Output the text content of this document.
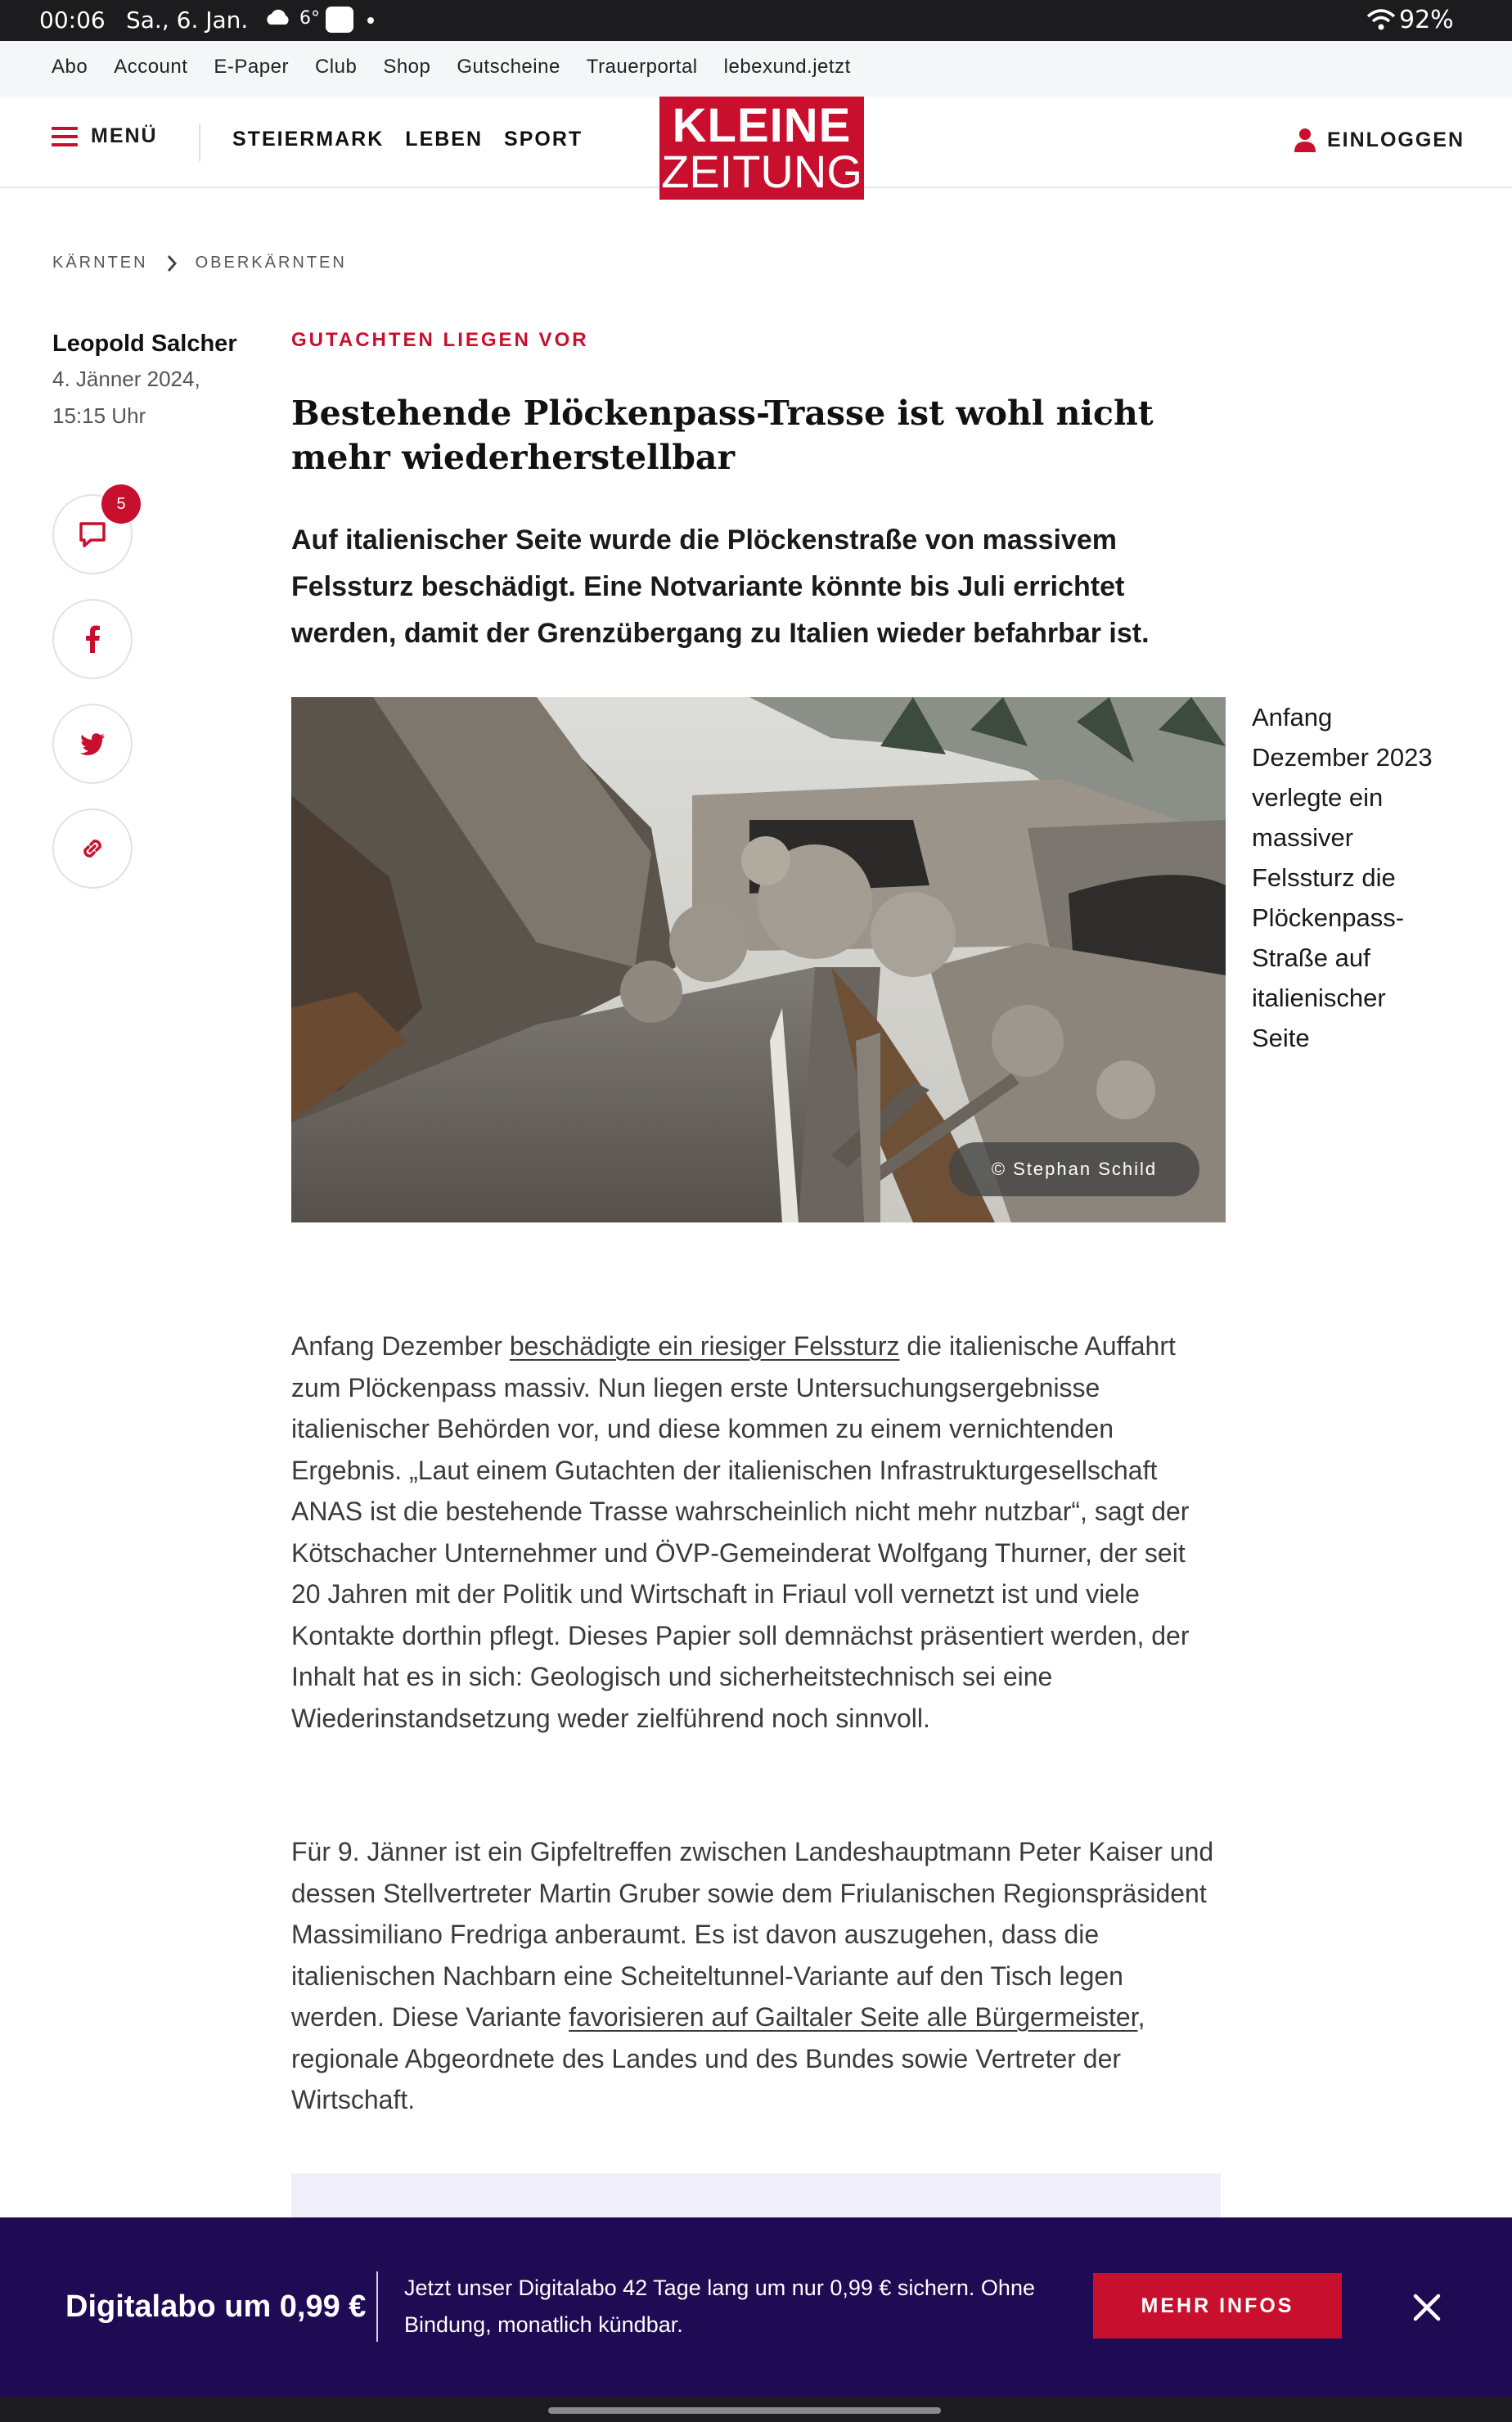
00:06 Sa., 6. Jan.	6°	92%
Abo Account E-Paper Club Shop Gutscheine Trauerportal lebexund.jetzt
MENÜ	STEIERMARK LEBEN SPORT KLEINE
ZEITUNG
EINLOGGEN
KÄRNTEN	OBERKÄRNTEN
Leopold Salcher
4. Jänner 2024, 15:15 Uhr
5
GUTACHTEN LIEGEN VOR
Bestehende Plöckenpass-Trasse ist wohl nicht mehr wiederherstellbar

Auf italienischer Seite wurde die Plöckenstraße von massivem Felssturz beschädigt. Eine Notvariante könnte bis Juli errichtet werden, damit der Grenzübergang zu Italien wieder befahrbar ist.

© Stephan Schild
Anfang Dezember 2023 verlegte ein massiver Felssturz die Plöckenpass-Straße auf italienischer Seite

Anfang Dezember beschädigte ein riesiger Felssturz die italienische Auffahrt zum Plöckenpass massiv. Nun liegen erste Untersuchungsergebnisse italienischer Behörden vor, und diese kommen zu einem vernichtenden Ergebnis. „Laut einem Gutachten der italienischen Infrastrukturgesellschaft ANAS ist die bestehende Trasse wahrscheinlich nicht mehr nutzbar“, sagt der Kötschacher Unternehmer und ÖVP-Gemeinderat Wolfgang Thurner, der seit 20 Jahren mit der Politik und Wirtschaft in Friaul voll vernetzt ist und viele Kontakte dorthin pflegt. Dieses Papier soll demnächst präsentiert werden, der Inhalt hat es in sich: Geologisch und sicherheitstechnisch sei eine Wiederinstandsetzung weder zielführend noch sinnvoll.

Für 9. Jänner ist ein Gipfeltreffen zwischen Landeshauptmann Peter Kaiser und dessen Stellvertreter Martin Gruber sowie dem Friulanischen Regionspräsident Massimiliano Fredriga anberaumt. Es ist davon auszugehen, dass die italienischen Nachbarn eine Scheiteltunnel-Variante auf den Tisch legen werden. Diese Variante favorisieren auf Gailtaler Seite alle Bürgermeister, regionale Abgeordnete des Landes und des Bundes sowie Vertreter der Wirtschaft.

Digitalabo um 0,99 €
Jetzt unser Digitalabo 42 Tage lang um nur 0,99 € sichern. Ohne Bindung, monatlich kündbar.
MEHR INFOS
